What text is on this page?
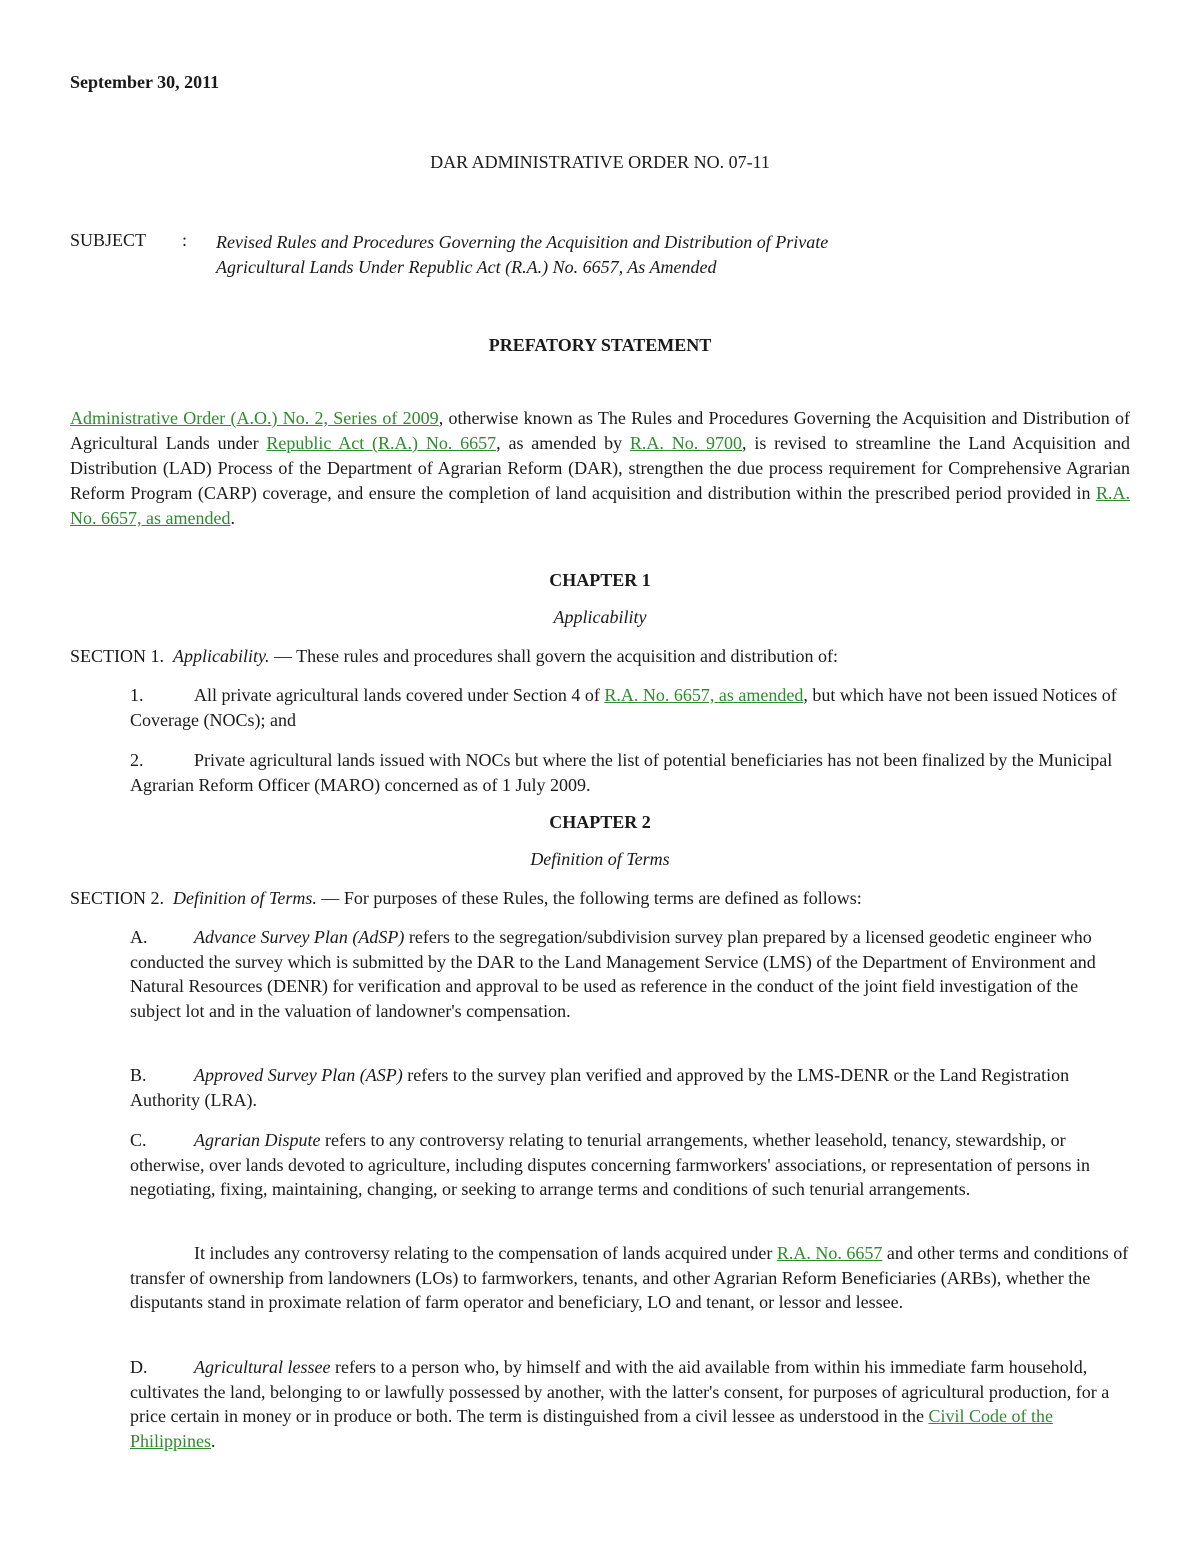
September 30, 2011
DAR ADMINISTRATIVE ORDER NO. 07-11
SUBJECT : Revised Rules and Procedures Governing the Acquisition and Distribution of Private
Agricultural Lands Under Republic Act (R.A.) No. 6657, As Amended
PREFATORY STATEMENT
Administrative Order (A.O.) No. 2, Series of 2009, otherwise known as The Rules and Procedures Governing the Acquisition and Distribution of Agricultural Lands under Republic Act (R.A.) No. 6657, as amended by R.A. No. 9700, is revised to streamline the Land Acquisition and Distribution (LAD) Process of the Department of Agrarian Reform (DAR), strengthen the due process requirement for Comprehensive Agrarian Reform Program (CARP) coverage, and ensure the completion of land acquisition and distribution within the prescribed period provided in R.A. No. 6657, as amended.
CHAPTER 1
Applicability
SECTION 1. Applicability. — These rules and procedures shall govern the acquisition and distribution of:
1.	All private agricultural lands covered under Section 4 of R.A. No. 6657, as amended, but which have not been issued Notices of Coverage (NOCs); and
2.	Private agricultural lands issued with NOCs but where the list of potential beneficiaries has not been finalized by the Municipal Agrarian Reform Officer (MARO) concerned as of 1 July 2009.
CHAPTER 2
Definition of Terms
SECTION 2. Definition of Terms. — For purposes of these Rules, the following terms are defined as follows:
A.	Advance Survey Plan (AdSP) refers to the segregation/subdivision survey plan prepared by a licensed geodetic engineer who conducted the survey which is submitted by the DAR to the Land Management Service (LMS) of the Department of Environment and Natural Resources (DENR) for verification and approval to be used as reference in the conduct of the joint field investigation of the subject lot and in the valuation of landowner's compensation.
B.	Approved Survey Plan (ASP) refers to the survey plan verified and approved by the LMS-DENR or the Land Registration Authority (LRA).
C.	Agrarian Dispute refers to any controversy relating to tenurial arrangements, whether leasehold, tenancy, stewardship, or otherwise, over lands devoted to agriculture, including disputes concerning farmworkers' associations, or representation of persons in negotiating, fixing, maintaining, changing, or seeking to arrange terms and conditions of such tenurial arrangements.
It includes any controversy relating to the compensation of lands acquired under R.A. No. 6657 and other terms and conditions of transfer of ownership from landowners (LOs) to farmworkers, tenants, and other Agrarian Reform Beneficiaries (ARBs), whether the disputants stand in proximate relation of farm operator and beneficiary, LO and tenant, or lessor and lessee.
D.	Agricultural lessee refers to a person who, by himself and with the aid available from within his immediate farm household, cultivates the land, belonging to or lawfully possessed by another, with the latter's consent, for purposes of agricultural production, for a price certain in money or in produce or both. The term is distinguished from a civil lessee as understood in the Civil Code of the Philippines.
